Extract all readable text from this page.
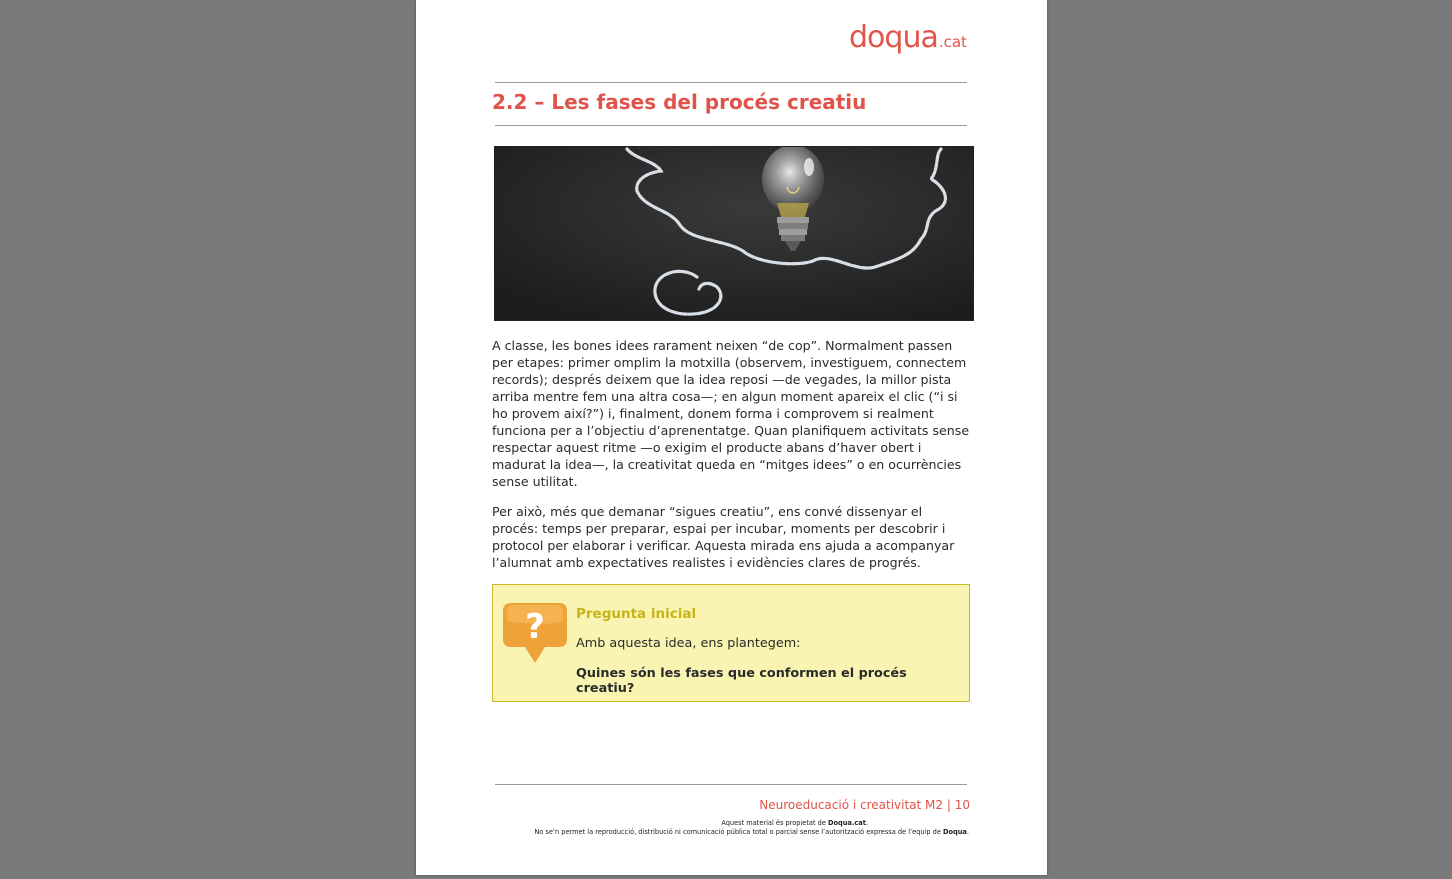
doqua.cat
2.2 – Les fases del procés creatiu

A classe, les bones idees rarament neixen “de cop”. Normalment passen per etapes: primer omplim la motxilla (observem, investiguem, connectem records); després deixem que la idea reposi —de vegades, la millor pista arriba mentre fem una altra cosa—; en algun moment apareix el clic (“i si ho provem així?”) i, finalment, donem forma i comprovem si realment funciona per a l’objectiu d’aprenentatge. Quan planifiquem activitats sense respectar aquest ritme —o exigim el producte abans d’haver obert i madurat la idea—, la creativitat queda en “mitges idees” o en ocurrències sense utilitat.

Per això, més que demanar “sigues creatiu”, ens convé dissenyar el procés: temps per preparar, espai per incubar, moments per descobrir i protocol per elaborar i verificar. Aquesta mirada ens ajuda a acompanyar l’alumnat amb expectatives realistes i evidències clares de progrés.

? Pregunta inicial
Amb aquesta idea, ens plantegem:
Quines són les fases que conformen el procés creatiu?
Neuroeducació i creativitat M2 | 10
Aquest material és propietat de Doqua.cat.
No se’n permet la reproducció, distribució ni comunicació pública total o parcial sense l’autorització expressa de l’equip de Doqua.
